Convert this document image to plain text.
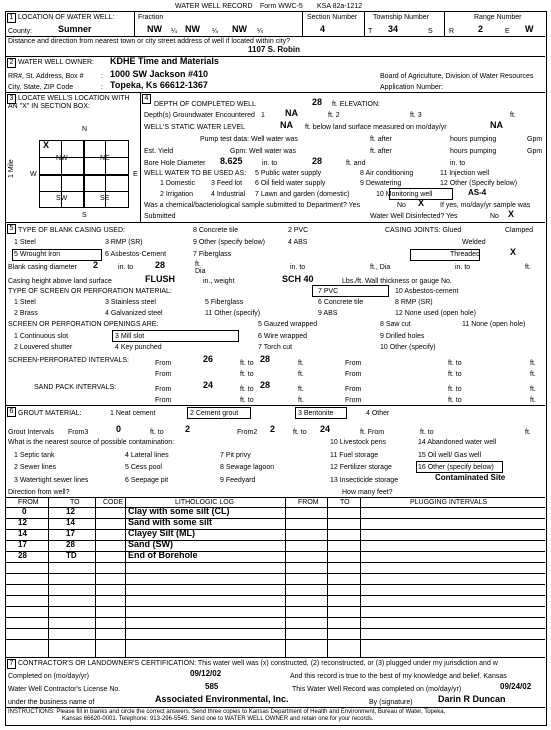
WATER WELL RECORD Form WWC-5 KSA 82a-1212
1 LOCATION OF WATER WELL:
County:	Sumner
Fraction
NW ¼ NW ¼ NW ¼
Section Number
4
Township Number
T 34	S
Range Number
R	2	E W
Distance and direction from nearest town or city street address of well if located within city?
1107 S. Robin
2 WATER WELL OWNER: KDHE Time and Materials
RR#, St. Address, Box #	: 1000 SW Jackson #410
City, State, ZIP Code	: Topeka, Ks 66612-1367
Board of Agriculture, Division of Water Resources
Application Number:
3 LOCATE WELL'S LOCATION WITH
AN "X" IN SECTION BOX:
X
N
S
E
W
NW	NE
SW	SE
1 Mile
4
DEPTH OF COMPLETED WELL	28 ft. ELEVATION:
Depth(s) Groundwater Encountered 1 NA	ft. 2	ft. 3	ft.
WELL'S STATIC WATER LEVEL	NA ft. below land surface measured on mo/day/yr	NA
Pump test data: Well water was	ft. after	hours pumping	Gpm
Est. Yield	Gpm: Well water was	ft. after	hours pumping	Gpm
Bore Hole Diameter 8.625	in. to	28	ft. and	in. to
WELL WATER TO BE USED AS: 5 Public water supply	8 Air conditioning	11 Injection well
1 Domestic 3 Feed lot 6 Oil field water supply	9 Dewatering	12 Other (Specify below)
2 Irrigation	4 Industrial 7 Lawn and garden (domestic)	10 Monitoring well	AS-4
Was a chemical/bacteriological sample submitted to Department? Yes	No X If yes, mo/day/yr sample was
Submitted	Water Well Disinfected? Yes	No X
5 TYPE OF BLANK CASING USED:	8 Concrete tile	2 PVC	CASING JOINTS: Glued	Clamped
1 Steel	3 RMP (SR)	9 Other (specify below)	4 ABS	Welded
5 Wrought Iron	6 Asbestos-Cement	7 Fiberglass	Threaded	X
Blank casing diameter 2	in. to 28	ft.
Dia
in. to	ft., Dia	in. to	ft.
Casing height above land surface	FLUSH	in., weight	SCH 40	Lbs./ft. Wall thickness or gauge No.
TYPE OF SCREEN OR PERFORATION MATERIAL:	7 PVC	10 Asbestos-cement
1 Steel	3 Stainless steel	5 Fiberglass	6 Concrete tile	8 RMP (SR)
2 Brass	4 Galvanized steel	11 Other (specify)	9 ABS	12 None used (open hole)
SCREEN OR PERFORATION OPENINGS ARE:	5 Gauzed wrapped	8 Saw cut	11 None (open hole)
1 Continuous slot	3 Mill slot	6 Wire wrapped	9 Drilled holes
2 Louvered shutter	4 Key punched	7 Torch cut	10 Other (specify)
SCREEN-PERFORATED INTERVALS:	From	26	ft. to 28	ft.	From	ft. to	ft.
From	ft. to	ft.	From	ft. to	ft.
SAND PACK INTERVALS:	From	24	ft. to 28	ft.	From	ft. to	ft.
From	ft. to	ft.	From	ft. to	ft.
6 GROUT MATERIAL:	1 Neat cement	2 Cement grout	3 Bentonite	4 Other
Grout Intervals From3	0	ft. to 2	From2 2	ft. to 24	ft. From	ft. to	ft.
What is the nearest source of possible contamination:
1 Septic tank	4 Lateral lines	7 Pit privy
10 Livestock pens	14 Abandoned water well
2 Sewer lines	5 Cess pool	8 Sewage lagoon
11 Fuel storage	15 Oil well/ Gas well
3 Watertight sewer lines	6 Seepage pit	9 Feedyard
12 Fertilizer storage	16 Other (specify below)
13 Insecticide storage	Contaminated Site
Direction from well?	How many feet?
FROM	TO	CODE	LITHOLOGIC LOG	FROM	TO	PLUGGING INTERVALS
0	12	Clay with some silt (CL)
12	14	Sand with some silt
14	17	Clayey Silt (ML)
17	28	Sand (SW)
28	TD	End of Borehole
7 CONTRACTOR'S OR LANDOWNER'S CERTIFICATION: This water well was (x) constructed, (2) reconstructed, or (3) plugged under my jurisdiction and w
Completed on (mo/day/yr)	09/12/02	And this record is true to the best of my knowledge and belief. Kansas
Water Well Contractor's License No.	585	This Water Well Record was completed on (mo/day/yr)	09/24/02
under the business name of	Associated Environmental, Inc.	By (signature)	Darin R Duncan
INSTRUCTIONS: Please fill in blanks and circle the correct answers. Send three copies to Kansas Department of Health and Environment, Bureau of Water, Topeka,
Kansas 66620-0001. Telephone: 913-296-5545. Send one to WATER WELL OWNER and retain one for your records.
